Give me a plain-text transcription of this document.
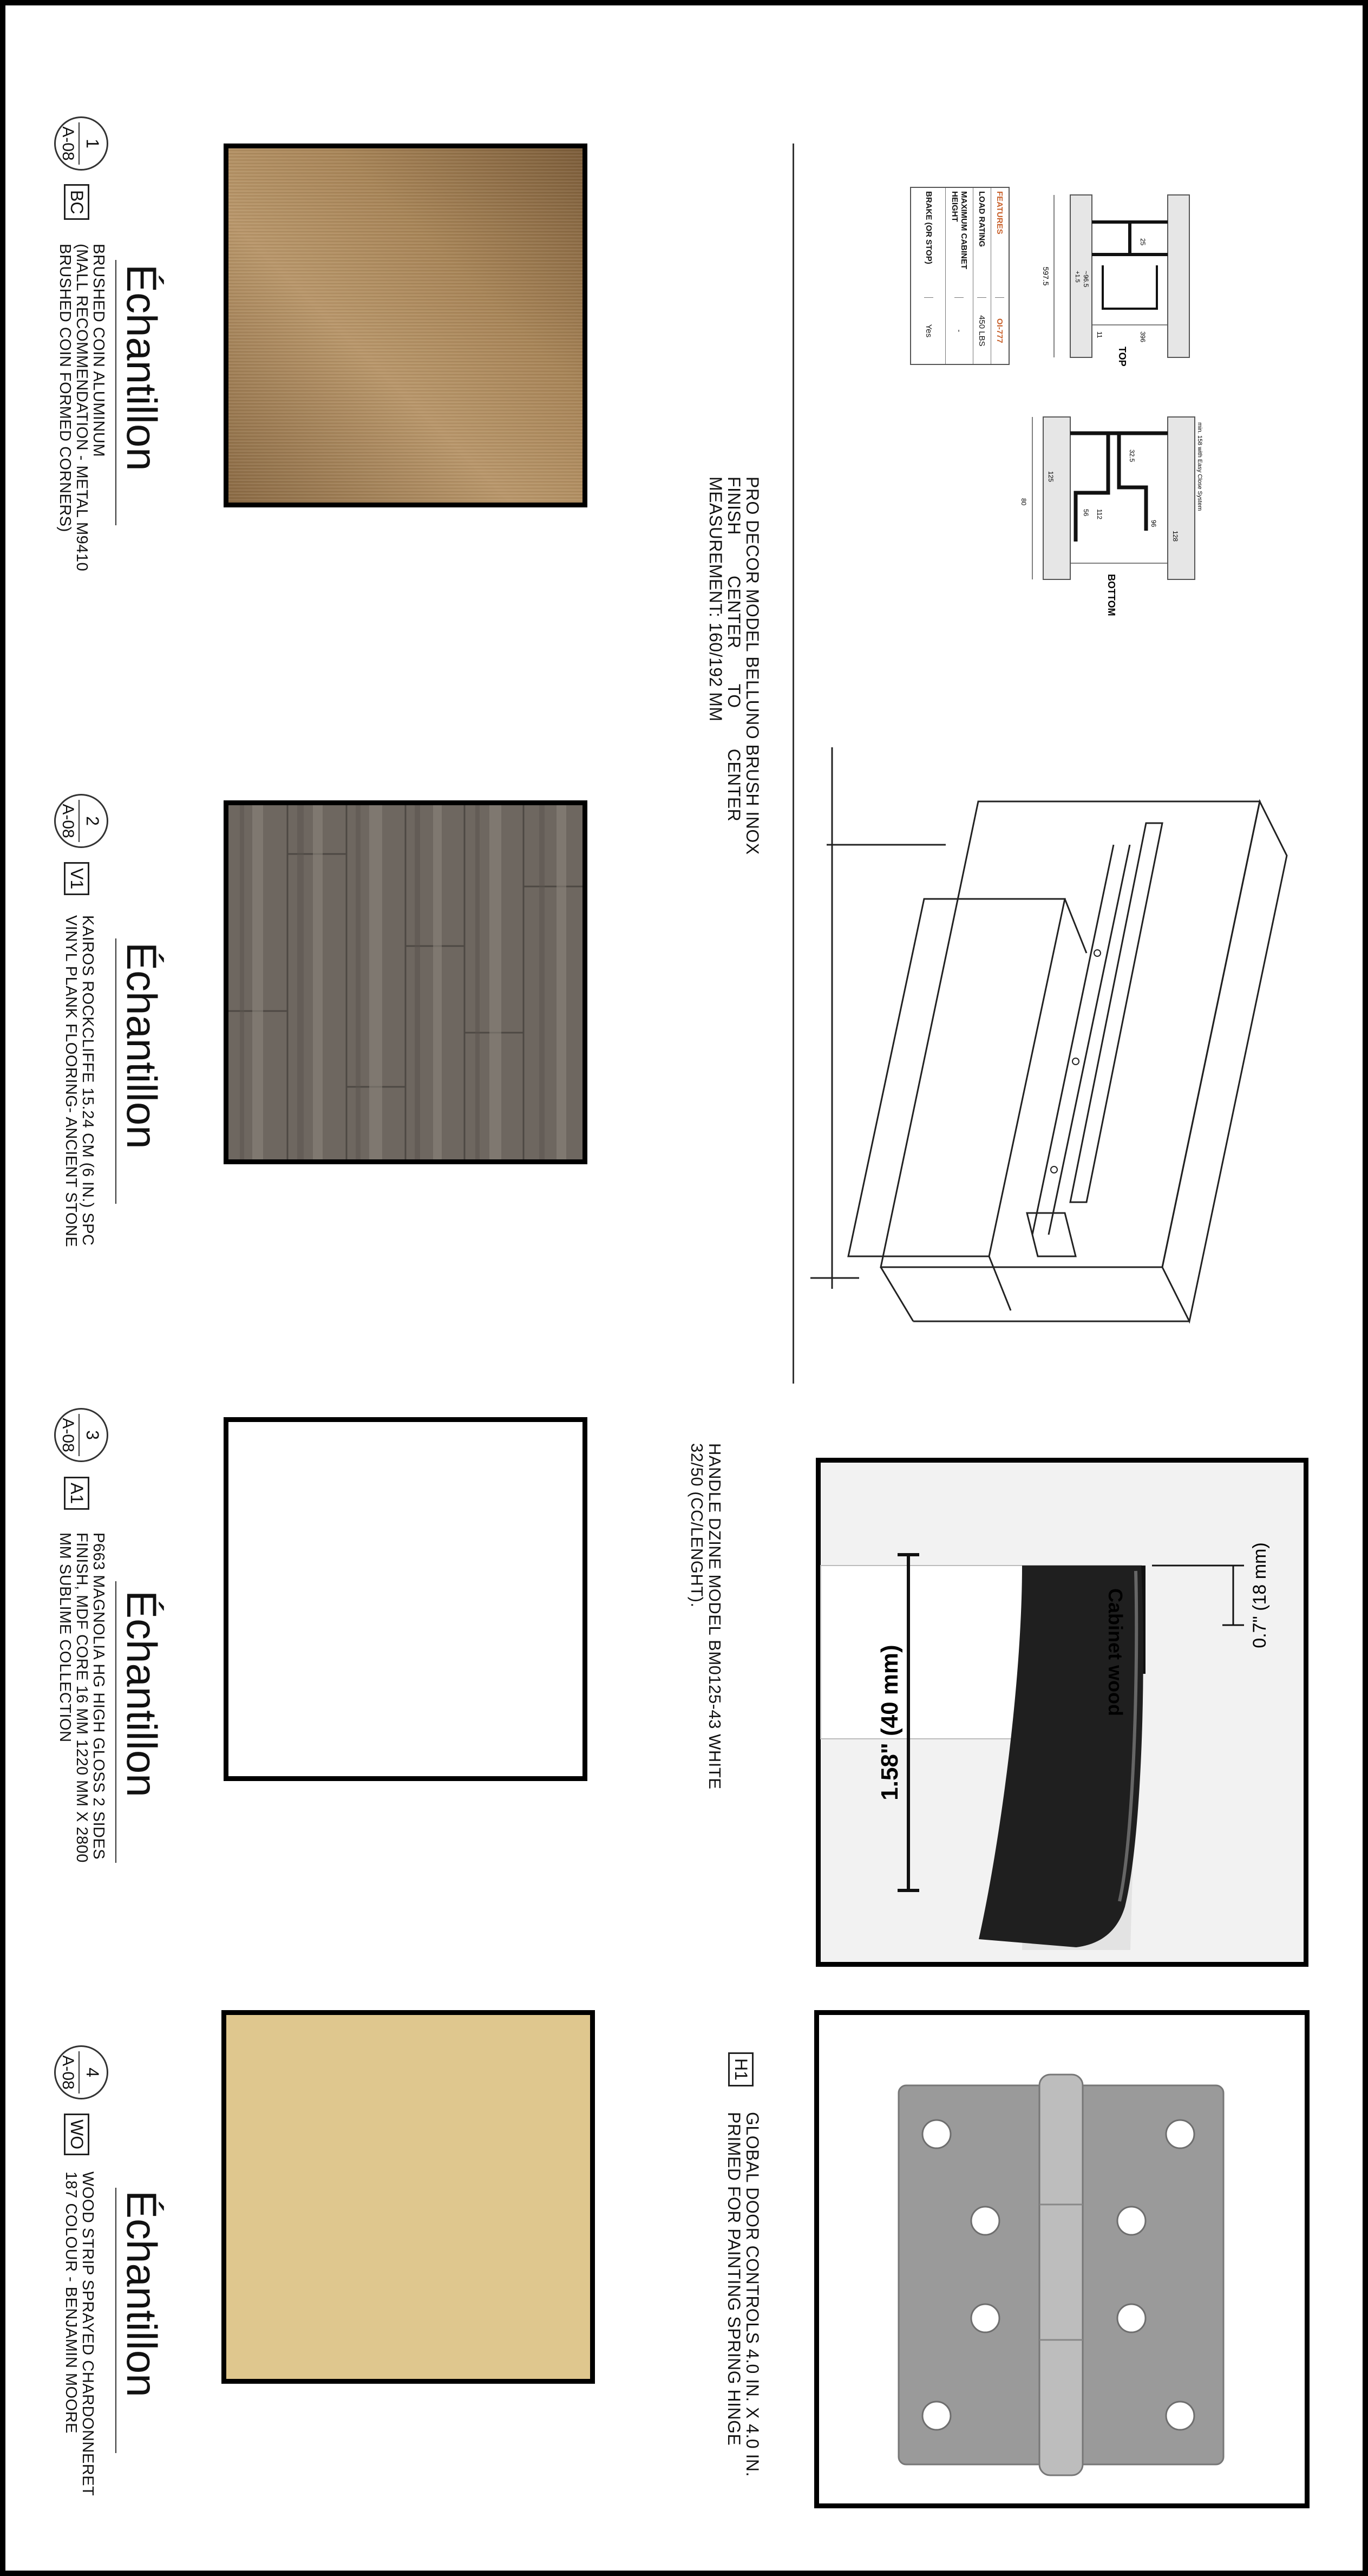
1
A-08
BC
Échantillon
BRUSHED COIN ALUMINUM
(MALL RECOMMENDATION - METAL M9410
BRUSHED COIN FORMED CORNERS)
2
A-08
V1
Échantillon
KAIROS ROCKCLIFFE 15.24 CM (6 IN.) SPC
VINYL PLANK FLOORING- ANCIENT STONE
3
A-08
A1
Échantillon
P663 MAGNOLIA HG HIGH GLOSS 2 SIDES
FINISH, MDF CORE 16 MM 1220 MM X 2800
MM SUBLIME COLLECTION
4
A-08
WO
Échantillon
WOOD STRIP SPRAYED CHARDONNERET
187 COLOUR - BENJAMIN MOORE
PRO DECOR MODEL BELLUNO BRUSH INOX
FINISH        CENTER       TO        CENTER
MEASUREMENT: 160/192 MM
FEATURES
OI-777
LOAD RATING
450 LBS
MAXIMUM CABINET HEIGHT
-
BRAKE (OR STOP)
Yes
597.5
25
~96.5
+1.5
11	396
TOP
128
96
112
56
125
32.5
80	min. 158 with Easy Close System
BOTTOM
HANDLE DZINE MODEL BM0125-43 WHITE
32/50 (CC/LENGHT).
1.58" (40 mm)
0.7" (18 mm)
Cabinet wood
H1
GLOBAL DOOR CONTROLS 4.0 IN. X 4.0 IN.
PRIMED FOR PAINTING SPRING HINGE
